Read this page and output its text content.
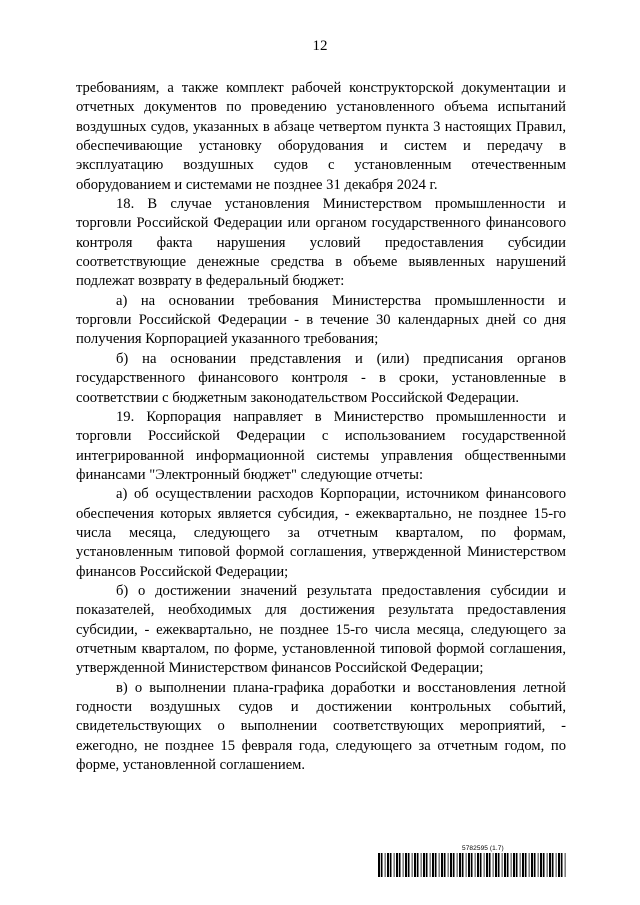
12

требованиям, а также комплект рабочей конструкторской документации и отчетных документов по проведению установленного объема испытаний воздушных судов, указанных в абзаце четвертом пункта 3 настоящих Правил, обеспечивающие установку оборудования и систем и передачу в эксплуатацию воздушных судов с установленным отечественным оборудованием и системами не позднее 31 декабря 2024 г.

18. В случае установления Министерством промышленности и торговли Российской Федерации или органом государственного финансового контроля факта нарушения условий предоставления субсидии соответствующие денежные средства в объеме выявленных нарушений подлежат возврату в федеральный бюджет:

а) на основании требования Министерства промышленности и торговли Российской Федерации - в течение 30 календарных дней со дня получения Корпорацией указанного требования;

б) на основании представления и (или) предписания органов государственного финансового контроля - в сроки, установленные в соответствии с бюджетным законодательством Российской Федерации.

19. Корпорация направляет в Министерство промышленности и торговли Российской Федерации с использованием государственной интегрированной информационной системы управления общественными финансами "Электронный бюджет" следующие отчеты:

а) об осуществлении расходов Корпорации, источником финансового обеспечения которых является субсидия, - ежеквартально, не позднее 15-го числа месяца, следующего за отчетным кварталом, по формам, установленным типовой формой соглашения, утвержденной Министерством финансов Российской Федерации;

б) о достижении значений результата предоставления субсидии и показателей, необходимых для достижения результата предоставления субсидии, - ежеквартально, не позднее 15-го числа месяца, следующего за отчетным кварталом, по форме, установленной типовой формой соглашения, утвержденной Министерством финансов Российской Федерации;

в) о выполнении плана-графика доработки и восстановления летной годности воздушных судов и достижении контрольных событий, свидетельствующих о выполнении соответствующих мероприятий, - ежегодно, не позднее 15 февраля года, следующего за отчетным годом, по форме, установленной соглашением.

5782595 (1.7)
